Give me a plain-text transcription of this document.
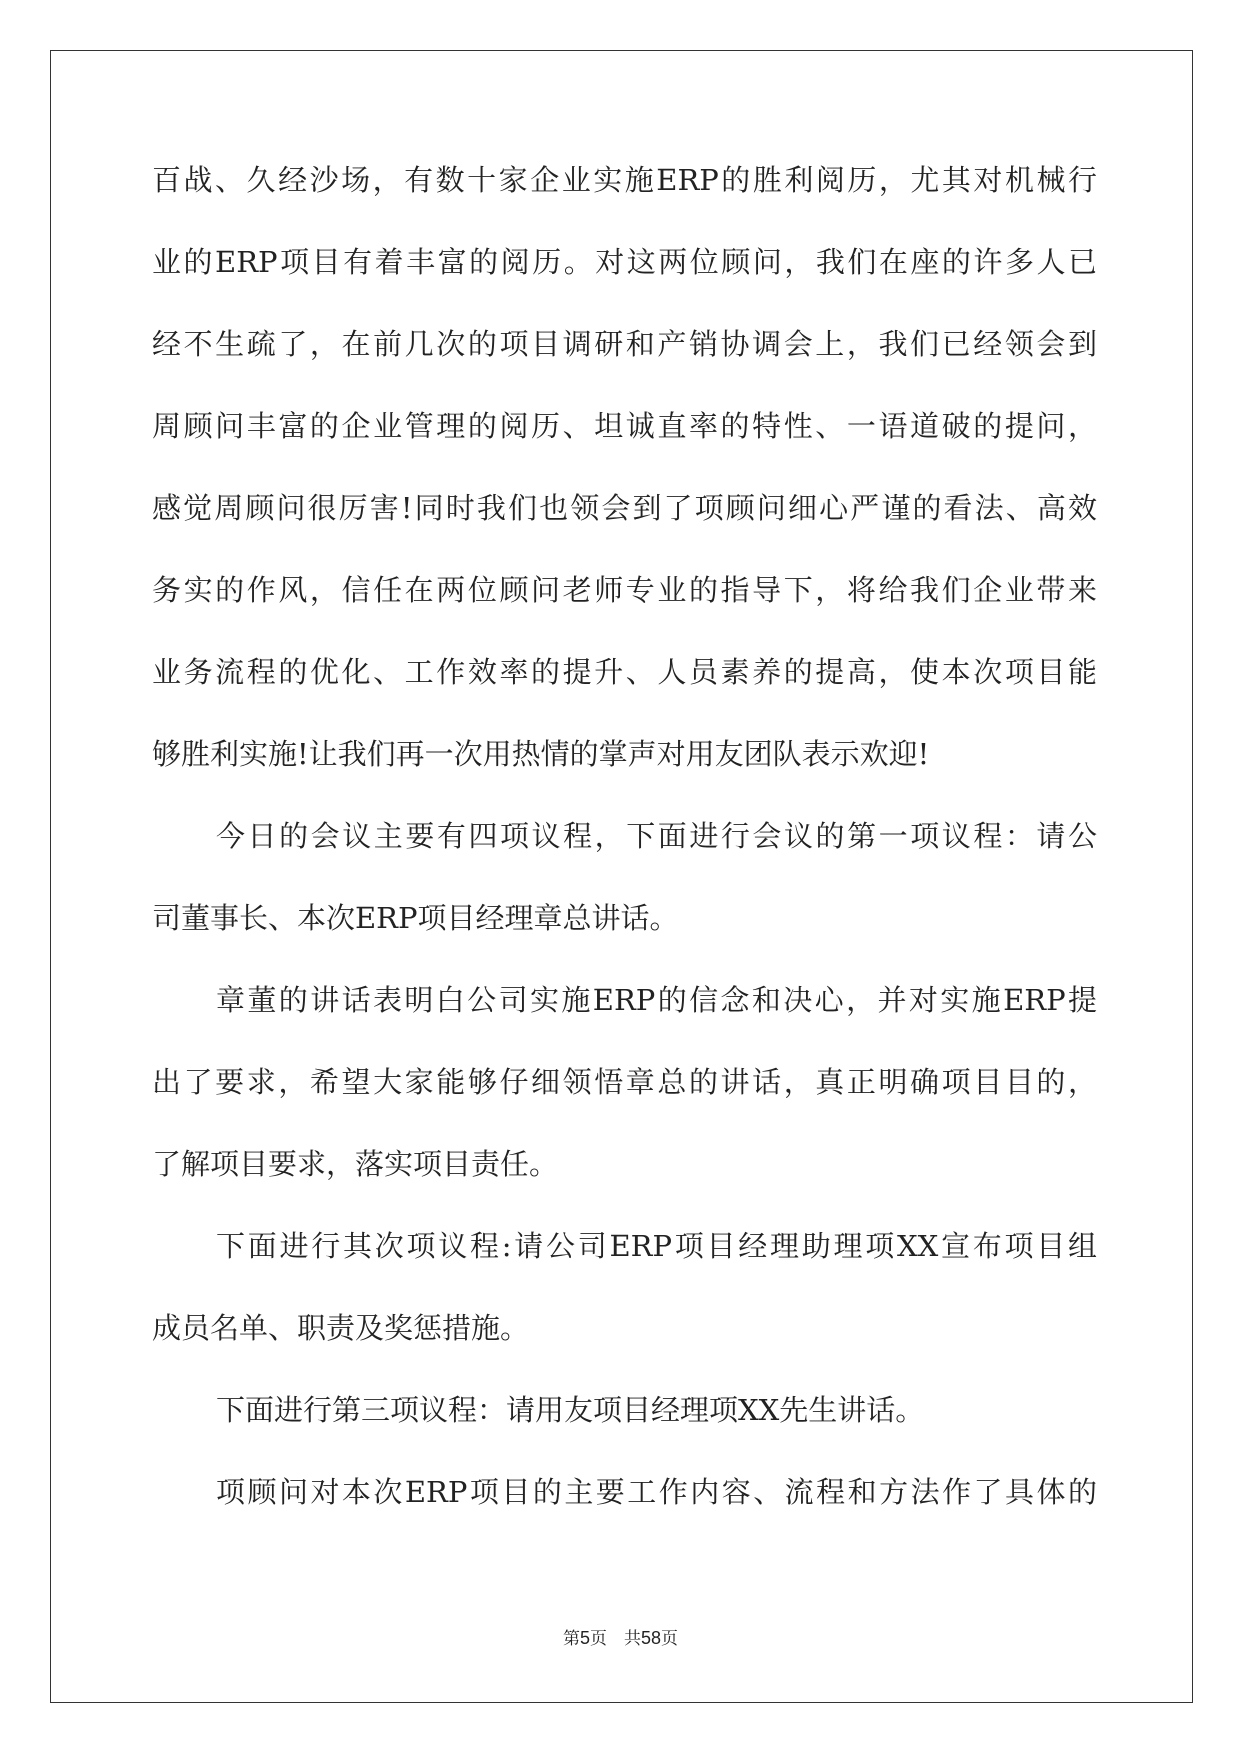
百战、久经沙场，有数十家企业实施ERP的胜利阅历，尤其对机械行
业的ERP项目有着丰富的阅历。对这两位顾问，我们在座的许多人已
经不生疏了，在前几次的项目调研和产销协调会上，我们已经领会到
周顾问丰富的企业管理的阅历、坦诚直率的特性、一语道破的提问，
感觉周顾问很厉害!同时我们也领会到了项顾问细心严谨的看法、高效
务实的作风，信任在两位顾问老师专业的指导下，将给我们企业带来
业务流程的优化、工作效率的提升、人员素养的提高，使本次项目能
够胜利实施!让我们再一次用热情的掌声对用友团队表示欢迎!
今日的会议主要有四项议程，下面进行会议的第一项议程：请公
司董事长、本次ERP项目经理章总讲话。
章董的讲话表明白公司实施ERP的信念和决心，并对实施ERP提
出了要求，希望大家能够仔细领悟章总的讲话，真正明确项目目的，
了解项目要求，落实项目责任。
下面进行其次项议程:请公司ERP项目经理助理项XX宣布项目组
成员名单、职责及奖惩措施。
下面进行第三项议程：请用友项目经理项XX先生讲话。
项顾问对本次ERP项目的主要工作内容、流程和方法作了具体的
第5页 共58页
